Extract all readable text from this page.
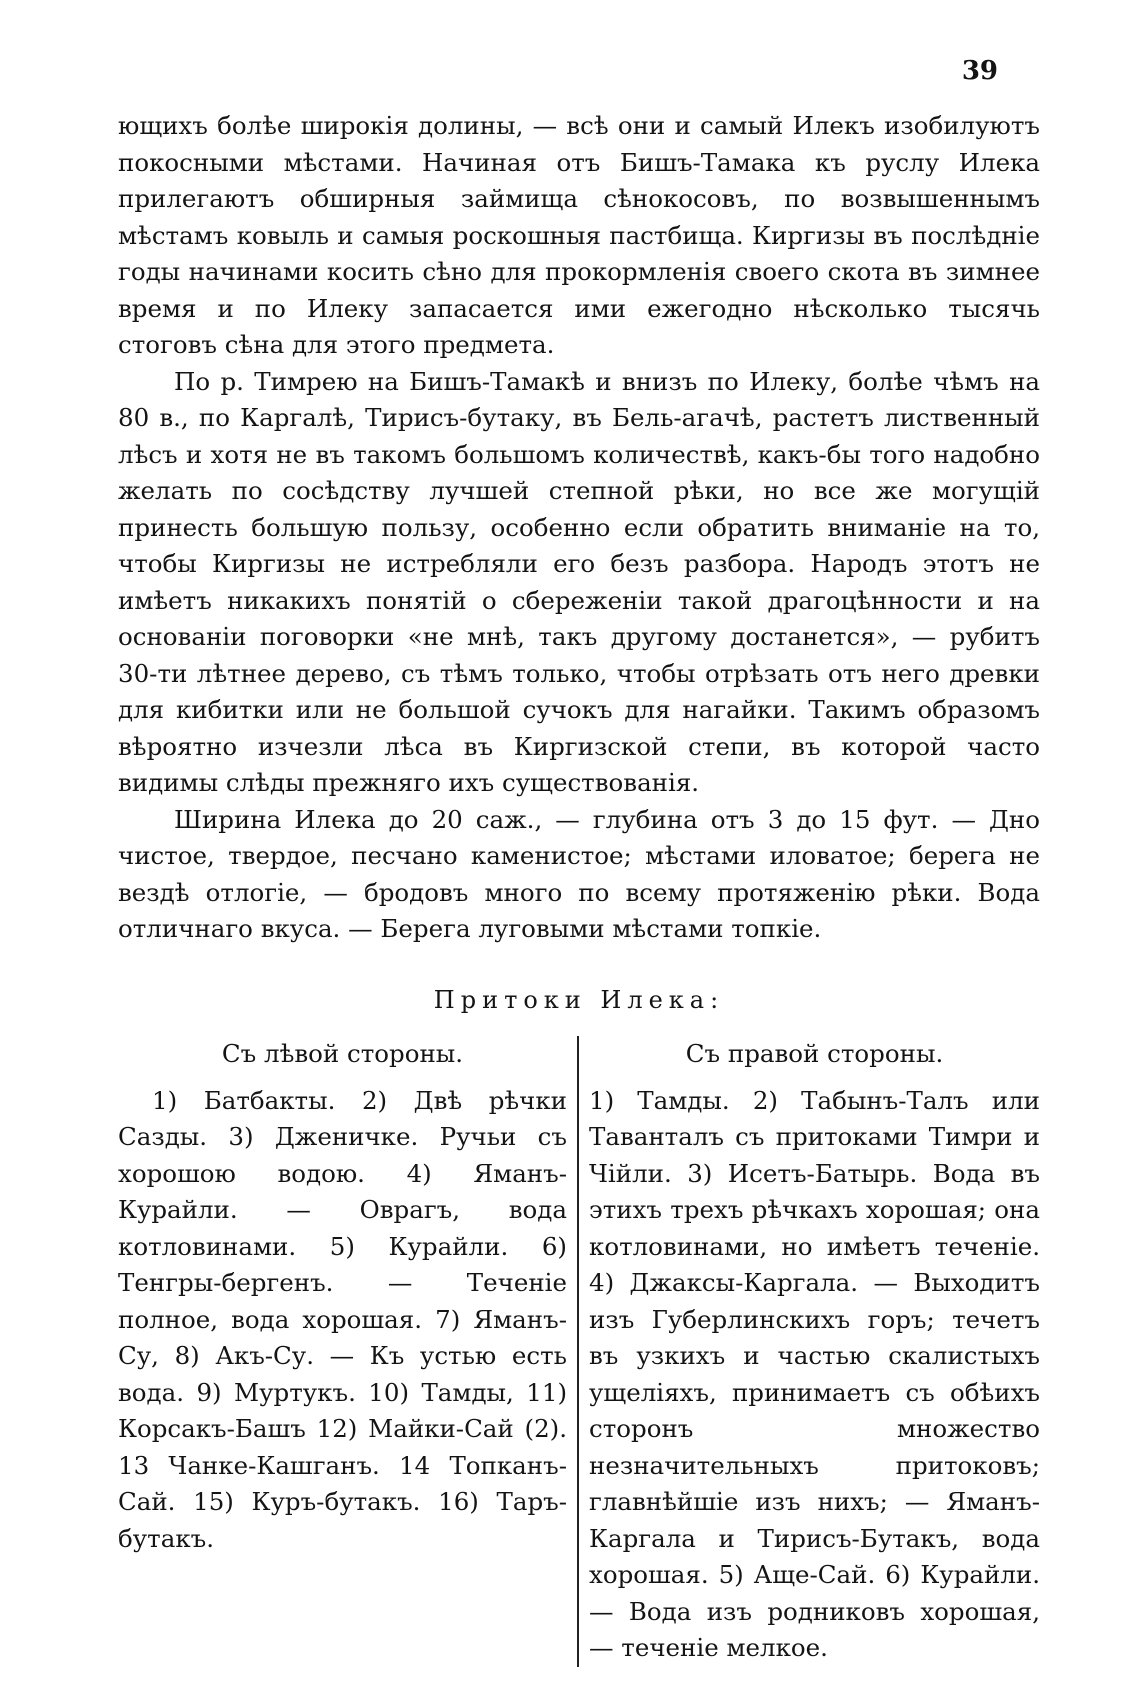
39

ющихъ болѣе широкія долины, — всѣ они и самый Илекъ изобилуютъ покосными мѣстами. Начиная отъ Бишъ-Тамака къ руслу Илека прилегаютъ обширныя займища сѣнокосовъ, по возвышеннымъ мѣстамъ ковыль и самыя роскошныя пастбища. Киргизы въ послѣдніе годы начинами косить сѣно для прокормленія своего скота въ зимнее время и по Илеку запасается ими ежегодно нѣсколько тысячь стоговъ сѣна для этого предмета.

По р. Тимрею на Бишъ-Тамакѣ и внизъ по Илеку, болѣе чѣмъ на 80 в., по Каргалѣ, Тирисъ-бутаку, въ Бель-агачѣ, растетъ лиственный лѣсъ и хотя не въ такомъ большомъ количествѣ, какъ-бы того надобно желать по сосѣдству лучшей степной рѣки, но все же могущій принесть большую пользу, особенно если обратить вниманіе на то, чтобы Киргизы не истребляли его безъ разбора. Народъ этотъ не имѣетъ никакихъ понятій о сбереженіи такой драгоцѣнности и на основаніи поговорки «не мнѣ, такъ другому достанется», — рубитъ 30-ти лѣтнее дерево, съ тѣмъ только, чтобы отрѣзать отъ него древки для кибитки или не большой сучокъ для нагайки. Такимъ образомъ вѣроятно изчезли лѣса въ Киргизской степи, въ которой часто видимы слѣды прежняго ихъ существованія.

Ширина Илека до 20 саж., — глубина отъ 3 до 15 фут. — Дно чистое, твердое, песчано каменистое; мѣстами иловатое; берега не вездѣ отлогіе, — бродовъ много по всему протяженію рѣки. Вода отличнаго вкуса. — Берега луговыми мѣстами топкіе.

Притоки Илека:
Съ лѣвой стороны.

1) Батбакты. 2) Двѣ рѣчки Сазды. 3) Дженичке. Ручьи съ хорошою водою. 4) Яманъ-Курайли. — Оврагъ, вода котловинами. 5) Курайли. 6) Тенгры-бергенъ. — Теченіе полное, вода хорошая. 7) Яманъ-Су, 8) Акъ-Су. — Къ устью есть вода. 9) Муртукъ. 10) Тамды, 11) Корсакъ-Башъ 12) Майки-Сай (2). 13 Чанке-Кашганъ. 14 Топканъ-Сай. 15) Куръ-бутакъ. 16) Таръ-бутакъ.

Съ правой стороны.

1) Тамды. 2) Табынъ-Талъ или Таванталъ съ притоками Тимри и Чійли. 3) Исетъ-Батырь. Вода въ этихъ трехъ рѣчкахъ хорошая; она котловинами, но имѣетъ теченіе. 4) Джаксы-Каргала. — Выходитъ изъ Губерлинскихъ горъ; течетъ въ узкихъ и частью скалистыхъ ущеліяхъ, принимаетъ съ обѣихъ сторонъ множество незначительныхъ притоковъ; главнѣйшіе изъ нихъ; — Яманъ-Каргала и Тирисъ-Бутакъ, вода хорошая. 5) Аще-Сай. 6) Курайли. — Вода изъ родниковъ хорошая, — теченіе мелкое.
